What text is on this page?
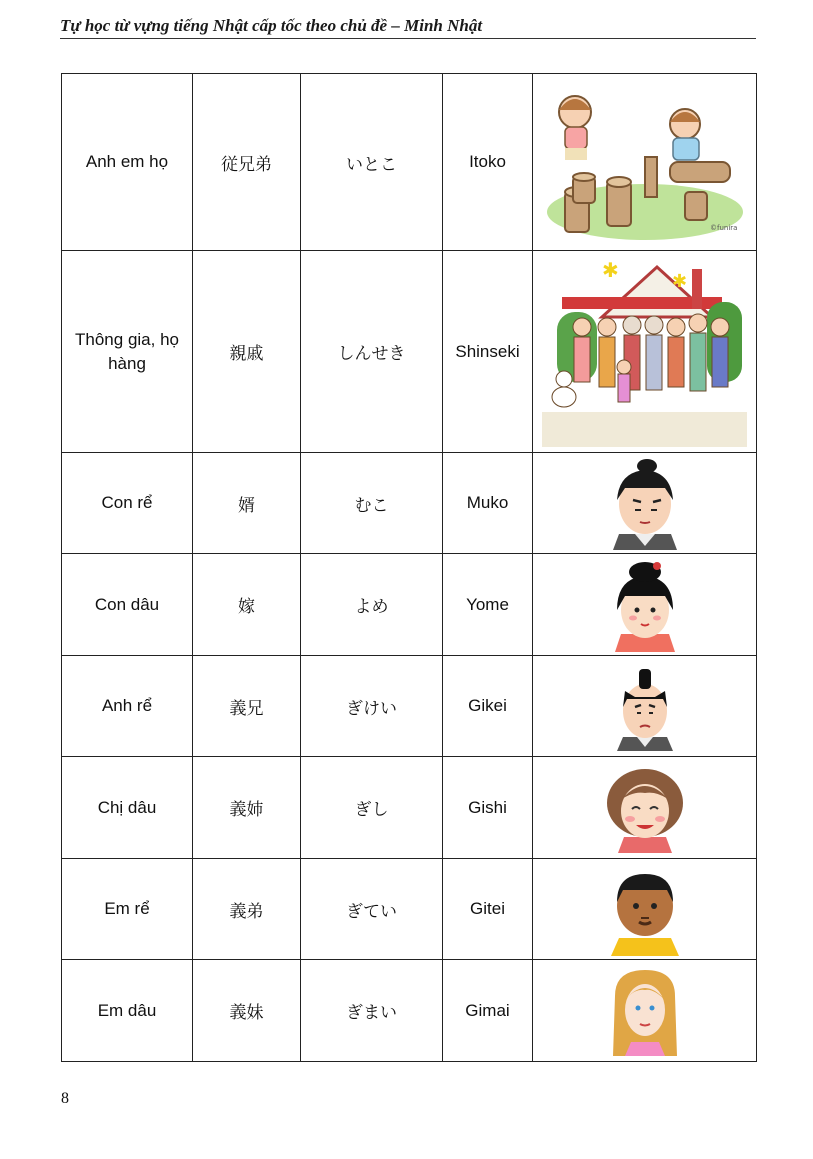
Tự học từ vựng tiếng Nhật cấp tốc theo chủ đề – Minh Nhật
Anh em họ	従兄弟	いとこ	Itoko	©funira

Thông gia, họ hàng	親戚	しんせき	Shinseki	✱ ✱

Con rể	婿	むこ	Muko	

Con dâu	嫁	よめ	Yome	

Anh rể	義兄	ぎけい	Gikei	

Chị dâu	義姉	ぎし	Gishi	

Em rể	義弟	ぎてい	Gitei	

Em dâu	義妹	ぎまい	Gimai	
8
